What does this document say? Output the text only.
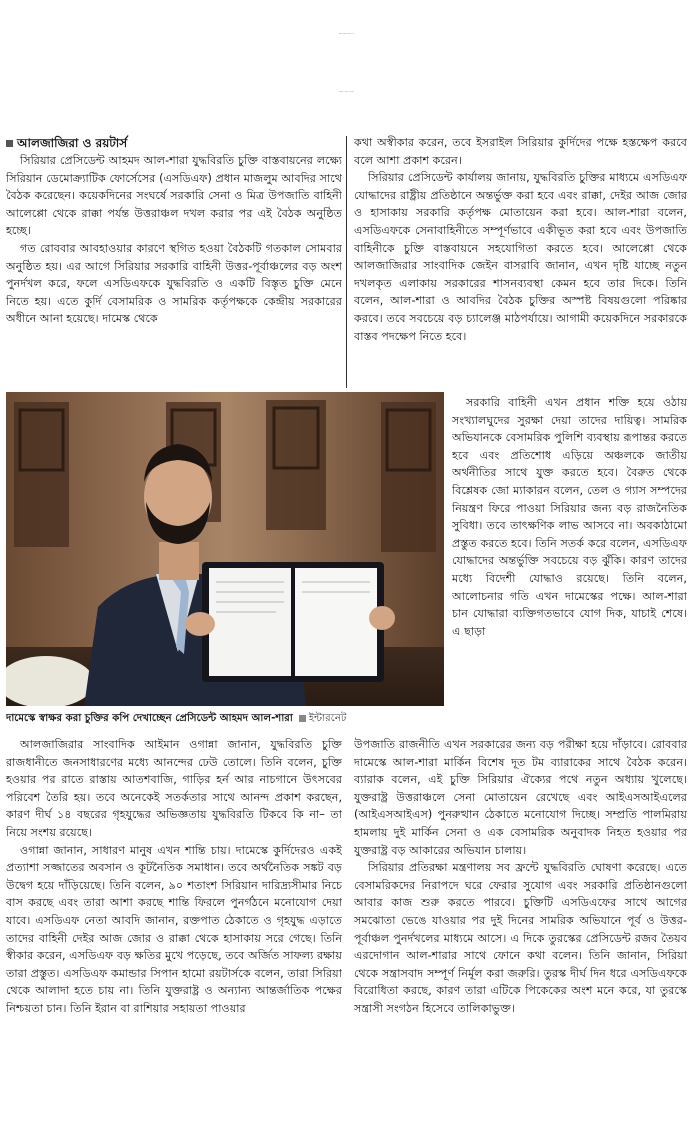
সিরিয়ায় যুদ্ধবিরতি বাস্তবায়নের লক্ষ্যে
প্রেসিডেন্ট ও এসডিএফ নেতার বৈঠক
আলজাজিরা ও রয়টার্স

সিরিয়ার প্রেসিডেন্ট আহমদ আল-শারা যুদ্ধবিরতি চুক্তি বাস্তবায়নের লক্ষ্যে সিরিয়ান ডেমোক্র্যাটিক ফোর্সেসের (এসডিএফ) প্রধান মাজলুম আবদির সাথে বৈঠক করেছেন। কয়েকদিনের সংঘর্ষে সরকারি সেনা ও মিত্র উপজাতি বাহিনী আলেপ্পো থেকে রাক্কা পর্যন্ত উত্তরাঞ্চল দখল করার পর এই বৈঠক অনুষ্ঠিত হচ্ছে।

গত রোববার আবহাওয়ার কারণে স্থগিত হওয়া বৈঠকটি গতকাল সোমবার অনুষ্ঠিত হয়। এর আগে সিরিয়ার সরকারি বাহিনী উত্তর-পূর্বাঞ্চলের বড় অংশ পুনর্দখল করে, ফলে এসডিএফকে যুদ্ধবিরতি ও একটি বিস্তৃত চুক্তি মেনে নিতে হয়। এতে কুর্দি বেসামরিক ও সামরিক কর্তৃপক্ষকে কেন্দ্রীয় সরকারের অধীনে আনা হয়েছে। দামেস্ক থেকে

দামেস্কে স্বাক্ষর করা চুক্তির কপি দেখাচ্ছেন প্রেসিডেন্ট আহমদ আল-শারা ইন্টারনেট

আলজাজিরার সাংবাদিক আইমান ওগান্না জানান, যুদ্ধবিরতি চুক্তি রাজধানীতে জনসাধারণের মধ্যে আনন্দের ঢেউ তোলে। তিনি বলেন, চুক্তি হওয়ার পর রাতে রাস্তায় আতশবাজি, গাড়ির হর্ন আর নাচগানে উৎসবের পরিবেশ তৈরি হয়। তবে অনেকেই সতর্কতার সাথে আনন্দ প্রকাশ করছেন, কারণ দীর্ঘ ১৪ বছরের গৃহযুদ্ধের অভিজ্ঞতায় যুদ্ধবিরতি টিকবে কি না– তা নিয়ে সংশয় রয়েছে।

ওগান্না জানান, সাধারণ মানুষ এখন শান্তি চায়। দামেস্কে কুর্দিদেরও একই প্রত্যাশা সজ্জাতের অবসান ও কূটনৈতিক সমাধান। তবে অর্থনৈতিক সঙ্কট বড় উদ্বেগ হয়ে দাঁড়িয়েছে। তিনি বলেন, ৯০ শতাংশ সিরিয়ান দারিদ্র্যসীমার নিচে বাস করছে এবং তারা আশা করছে শান্তি ফিরলে পুনর্গঠনে মনোযোগ দেয়া যাবে। এসডিএফ নেতা আবদি জানান, রক্তপাত ঠেকাতে ও গৃহযুদ্ধ এড়াতে তাদের বাহিনী দেইর আজ জোর ও রাক্কা থেকে হাসাকায় সরে গেছে। তিনি স্বীকার করেন, এসডিএফ বড় ক্ষতির মুখে পড়েছে, তবে অর্জিত সাফল্য রক্ষায় তারা প্রস্তুত। এসডিএফ কমান্ডার সিপান হামো রয়টার্সকে বলেন, তারা সিরিয়া থেকে আলাদা হতে চায় না। তিনি যুক্তরাষ্ট্র ও অন্যান্য আন্তর্জাতিক পক্ষের নিশ্চয়তা চান। তিনি ইরান বা রাশিয়ার সহায়তা পাওয়ার

কথা অস্বীকার করেন, তবে ইসরাইল সিরিয়ার কুর্দিদের পক্ষে হস্তক্ষেপ করবে বলে আশা প্রকাশ করেন।

সিরিয়ার প্রেসিডেন্ট কার্যালয় জানায়, যুদ্ধবিরতি চুক্তির মাধ্যমে এসডিএফ যোদ্ধাদের রাষ্ট্রীয় প্রতিষ্ঠানে অন্তর্ভুক্ত করা হবে এবং রাক্কা, দেইর আজ জোর ও হাসাকায় সরকারি কর্তৃপক্ষ মোতায়েন করা হবে। আল-শারা বলেন, এসডিএফকে সেনাবাহিনীতে সম্পূর্ণভাবে একীভূত করা হবে এবং উপজাতি বাহিনীকে চুক্তি বাস্তবায়নে সহযোগিতা করতে হবে। আলেপ্পো থেকে আলজাজিরার সাংবাদিক জেইন বাসরাবি জানান, এখন দৃষ্টি যাচ্ছে নতুন দখলকৃত এলাকায় সরকারের শাসনব্যবস্থা কেমন হবে তার দিকে। তিনি বলেন, আল-শারা ও আবদির বৈঠক চুক্তির অস্পষ্ট বিষয়গুলো পরিষ্কার করবে। তবে সবচেয়ে বড় চ্যালেঞ্জ মাঠপর্যায়ে। আগামী কয়েকদিনে সরকারকে বাস্তব পদক্ষেপ নিতে হবে।

সরকারি বাহিনী এখন প্রধান শক্তি হয়ে ওঠায় সংখ্যালঘুদের সুরক্ষা দেয়া তাদের দায়িত্ব। সামরিক অভিযানকে বেসামরিক পুলিশি ব্যবস্থায় রূপান্তর করতে হবে এবং প্রতিশোধ এড়িয়ে অঞ্চলকে জাতীয় অর্থনীতির সাথে যুক্ত করতে হবে। বৈরুত থেকে বিশ্লেষক জো ম্যাকারন বলেন, তেল ও গ্যাস সম্পদের নিয়ন্ত্রণ ফিরে পাওয়া সিরিয়ার জন্য বড় রাজনৈতিক সুবিধা। তবে তাৎক্ষণিক লাভ আসবে না। অবকাঠামো প্রস্তুত করতে হবে। তিনি সতর্ক করে বলেন, এসডিএফ যোদ্ধাদের অন্তর্ভুক্তি সবচেয়ে বড় ঝুঁকি। কারণ তাদের মধ্যে বিদেশী যোদ্ধাও রয়েছে। তিনি বলেন, আলোচনার গতি এখন দামেস্কের পক্ষে। আল-শারা চান যোদ্ধারা ব্যক্তিগতভাবে যোগ দিক, যাচাই শেষে। এ ছাড়া

উপজাতি রাজনীতি এখন সরকারের জন্য বড় পরীক্ষা হয়ে দাঁড়াবে। রোববার দামেস্কে আল-শারা মার্কিন বিশেষ দূত টম ব্যারাকের সাথে বৈঠক করেন। ব্যারাক বলেন, এই চুক্তি সিরিয়ার ঐক্যের পথে নতুন অধ্যায় খুলেছে। যুক্তরাষ্ট্র উত্তরাঞ্চলে সেনা মোতায়েন রেখেছে এবং আইএসআইএলের (আইএসআইএস) পুনরুত্থান ঠেকাতে মনোযোগ দিচ্ছে। সম্প্রতি পালমিরায় হামলায় দুই মার্কিন সেনা ও এক বেসামরিক অনুবাদক নিহত হওয়ার পর যুক্তরাষ্ট্র বড় আকারের অভিযান চালায়।

সিরিয়ার প্রতিরক্ষা মন্ত্রণালয় সব ফ্রন্টে যুদ্ধবিরতি ঘোষণা করেছে। এতে বেসামরিকদের নিরাপদে ঘরে ফেরার সুযোগ এবং সরকারি প্রতিষ্ঠানগুলো আবার কাজ শুরু করতে পারবে। চুক্তিটি এসডিএফের সাথে আগের সমঝোতা ভেঙে যাওয়ার পর দুই দিনের সামরিক অভিযানে পূর্ব ও উত্তর-পূর্বাঞ্চল পুনর্দখলের মাধ্যমে আসে। এ দিকে তুরস্কের প্রেসিডেন্ট রজব তৈয়ব এরদোগান আল-শারার সাথে ফোনে কথা বলেন। তিনি জানান, সিরিয়া থেকে সন্ত্রাসবাদ সম্পূর্ণ নির্মূল করা জরুরি। তুরস্ক দীর্ঘ দিন ধরে এসডিএফকে বিরোধিতা করছে, কারণ তারা এটিকে পিকেকের অংশ মনে করে, যা তুরস্কে সন্ত্রাসী সংগঠন হিসেবে তালিকাভুক্ত।
